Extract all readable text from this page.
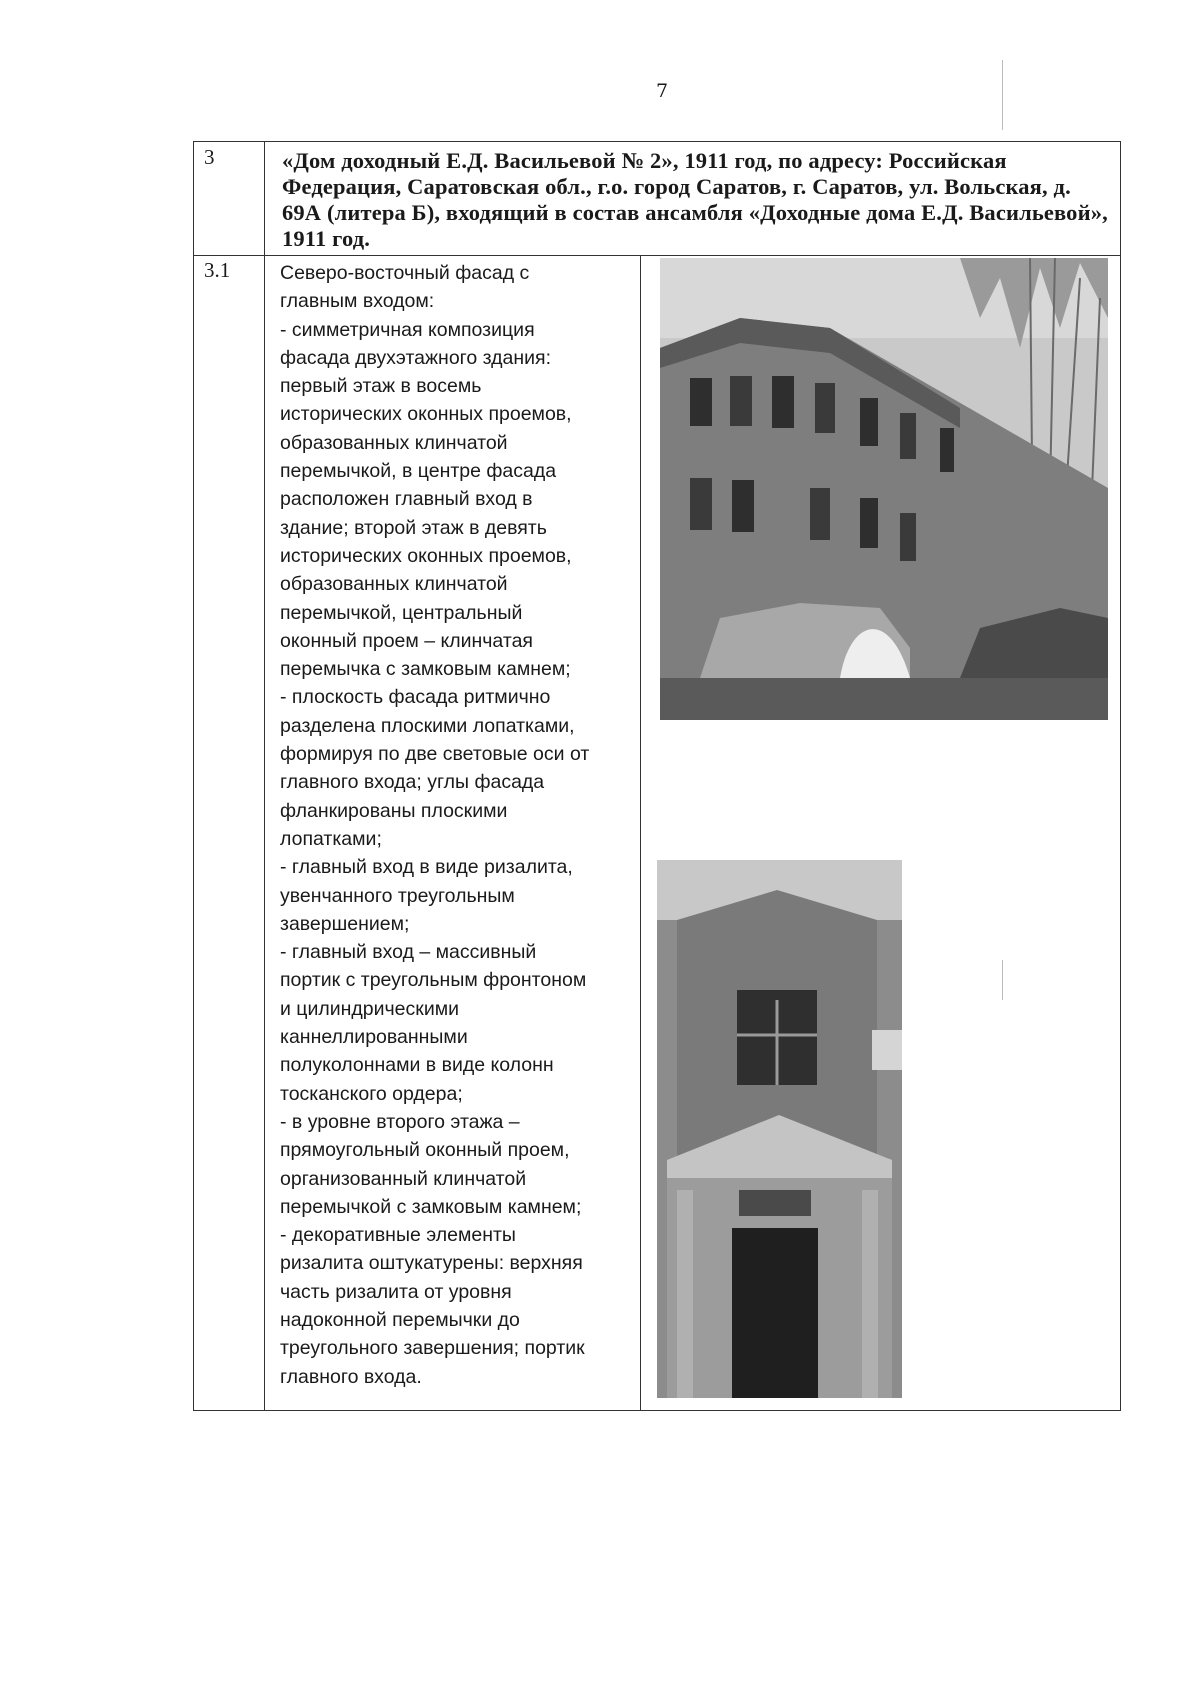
7
3	«Дом доходный Е.Д. Васильевой № 2», 1911 год, по адресу: Российская Федерация, Саратовская обл., г.о. город Саратов, г. Саратов, ул. Вольская, д. 69А (литера Б), входящий в состав ансамбля «Доходные дома Е.Д. Васильевой», 1911 год.
3.1	Северо-восточный фасад с
главным входом:
- симметричная композиция
фасада двухэтажного здания:
первый этаж в восемь
исторических оконных проемов,
образованных клинчатой
перемычкой, в центре фасада
расположен главный вход в
здание; второй этаж в девять
исторических оконных проемов,
образованных клинчатой
перемычкой, центральный
оконный проем – клинчатая
перемычка с замковым камнем;
- плоскость фасада ритмично
разделена плоскими лопатками,
формируя по две световые оси от
главного входа; углы фасада
фланкированы плоскими
лопатками;
- главный вход в виде ризалита,
увенчанного треугольным
завершением;
- главный вход – массивный
портик с треугольным фронтоном
и цилиндрическими
каннеллированными
полуколоннами в виде колонн
тосканского ордера;
- в уровне второго этажа –
прямоугольный оконный проем,
организованный клинчатой
перемычкой с замковым камнем;
- декоративные элементы
ризалита оштукатурены: верхняя
часть ризалита от уровня
надоконной перемычки до
треугольного завершения; портик
главного входа.
